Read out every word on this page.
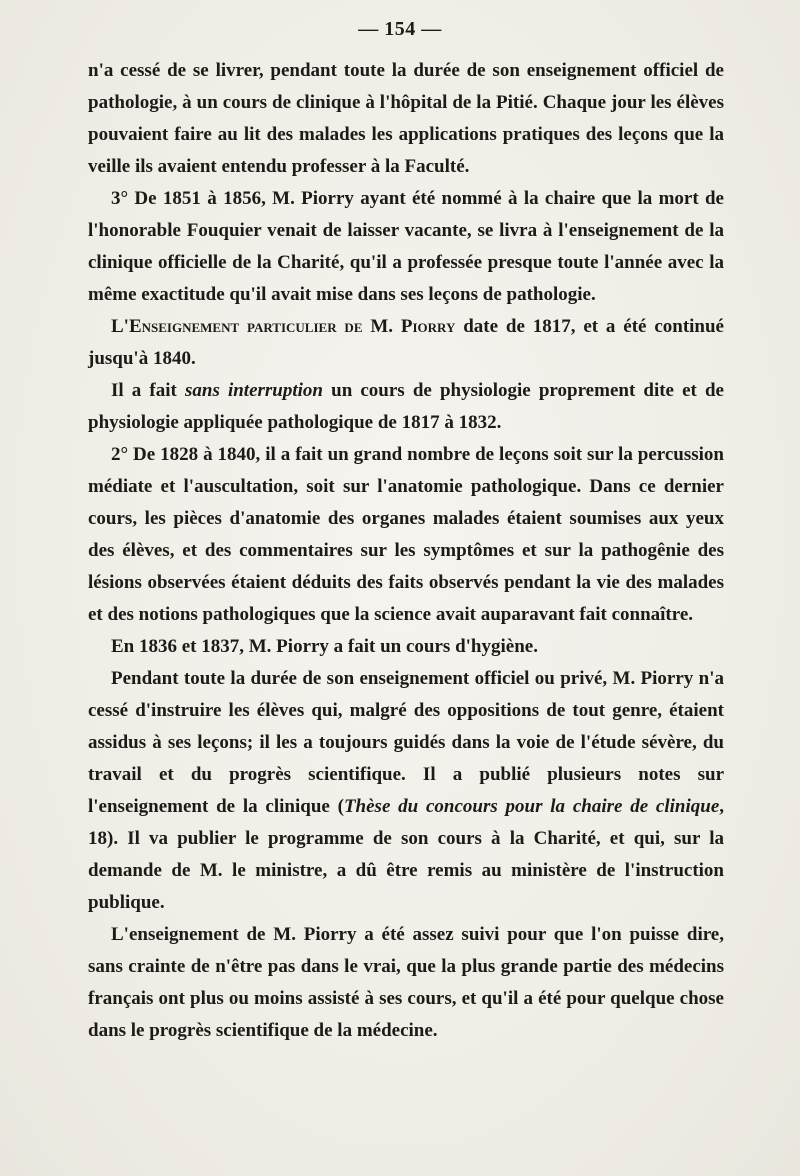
— 154 —

n'a cessé de se livrer, pendant toute la durée de son enseignement officiel de pathologie, à un cours de clinique à l'hôpital de la Pitié. Chaque jour les élèves pouvaient faire au lit des malades les applications pratiques des leçons que la veille ils avaient entendu professer à la Faculté.

3° De 1851 à 1856, M. Piorry ayant été nommé à la chaire que la mort de l'honorable Fouquier venait de laisser vacante, se livra à l'enseignement de la clinique officielle de la Charité, qu'il a professée presque toute l'année avec la même exactitude qu'il avait mise dans ses leçons de pathologie.

L'Enseignement particulier de M. Piorry date de 1817, et a été continué jusqu'à 1840.

Il a fait sans interruption un cours de physiologie proprement dite et de physiologie appliquée pathologique de 1817 à 1832.

2° De 1828 à 1840, il a fait un grand nombre de leçons soit sur la percussion médiate et l'auscultation, soit sur l'anatomie pathologique. Dans ce dernier cours, les pièces d'anatomie des organes malades étaient soumises aux yeux des élèves, et des commentaires sur les symptômes et sur la pathogênie des lésions observées étaient déduits des faits observés pendant la vie des malades et des notions pathologiques que la science avait auparavant fait connaître.

En 1836 et 1837, M. Piorry a fait un cours d'hygiène.

Pendant toute la durée de son enseignement officiel ou privé, M. Piorry n'a cessé d'instruire les élèves qui, malgré des oppositions de tout genre, étaient assidus à ses leçons; il les a toujours guidés dans la voie de l'étude sévère, du travail et du progrès scientifique. Il a publié plusieurs notes sur l'enseignement de la clinique (Thèse du concours pour la chaire de clinique, 18). Il va publier le programme de son cours à la Charité, et qui, sur la demande de M. le ministre, a dû être remis au ministère de l'instruction publique.

L'enseignement de M. Piorry a été assez suivi pour que l'on puisse dire, sans crainte de n'être pas dans le vrai, que la plus grande partie des médecins français ont plus ou moins assisté à ses cours, et qu'il a été pour quelque chose dans le progrès scientifique de la médecine.
